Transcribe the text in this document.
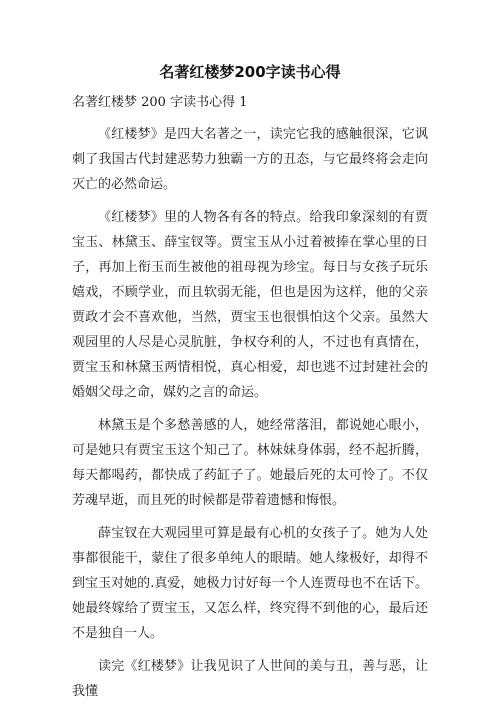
名著红楼梦200字读书心得

名著红楼梦 200 字读书心得 1

《红楼梦》是四大名著之一，读完它我的感触很深，它讽刺了我国古代封建恶势力独霸一方的丑态，与它最终将会走向灭亡的必然命运。

《红楼梦》里的人物各有各的特点。给我印象深刻的有贾宝玉、林黛玉、薛宝钗等。贾宝玉从小过着被捧在掌心里的日子，再加上衔玉而生被他的祖母视为珍宝。每日与女孩子玩乐嬉戏，不顾学业，而且软弱无能，但也是因为这样，他的父亲贾政才会不喜欢他，当然，贾宝玉也很惧怕这个父亲。虽然大观园里的人尽是心灵肮脏，争权夺利的人，不过也有真情在，贾宝玉和林黛玉两情相悦，真心相爱，却也逃不过封建社会的婚姻父母之命，媒妁之言的命运。

林黛玉是个多愁善感的人，她经常落泪，都说她心眼小，可是她只有贾宝玉这个知己了。林妹妹身体弱，经不起折腾，每天都喝药，都快成了药缸子了。她最后死的太可怜了。不仅芳魂早逝，而且死的时候都是带着遗憾和悔恨。

薛宝钗在大观园里可算是最有心机的女孩子了。她为人处事都很能干，蒙住了很多单纯人的眼睛。她人缘极好，却得不到宝玉对她的.真爱，她极力讨好每一个人连贾母也不在话下。她最终嫁给了贾宝玉，又怎么样，终究得不到他的心，最后还不是独自一人。

读完《红楼梦》让我见识了人世间的美与丑，善与恶，让我懂
